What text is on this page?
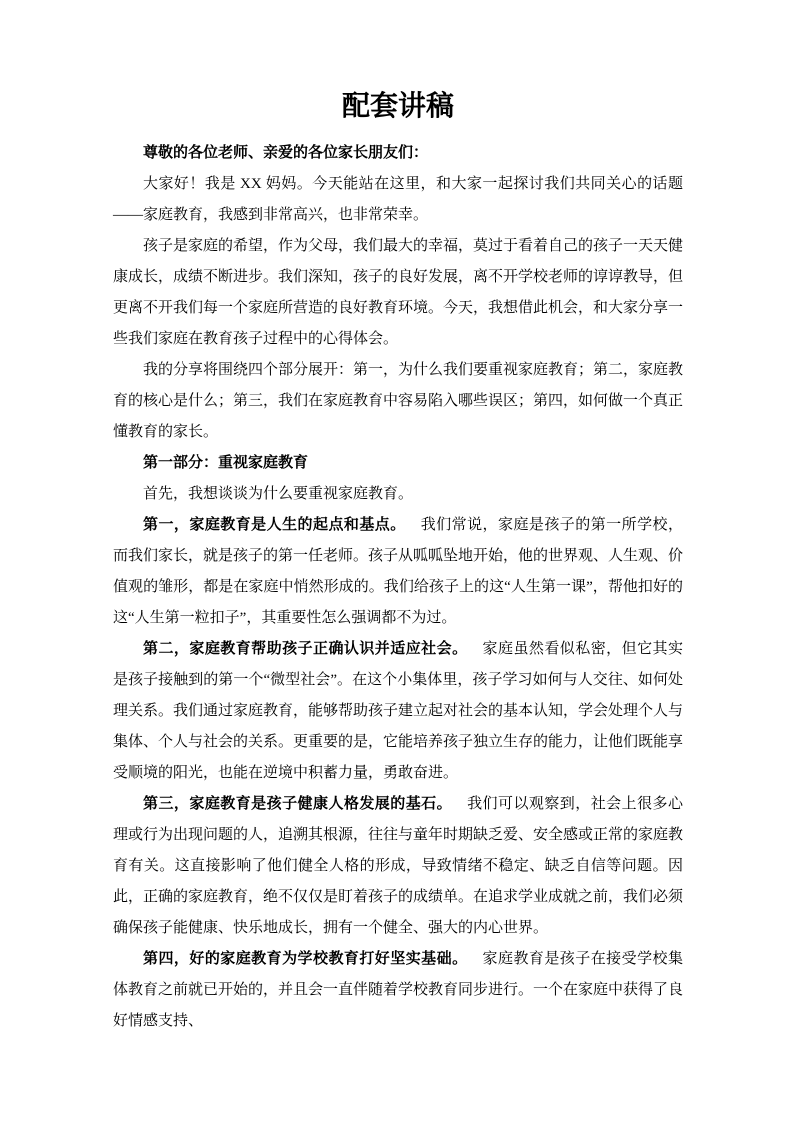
配套讲稿

尊敬的各位老师、亲爱的各位家长朋友们：

大家好！我是 XX 妈妈。今天能站在这里，和大家一起探讨我们共同关心的话题——家庭教育，我感到非常高兴，也非常荣幸。

孩子是家庭的希望，作为父母，我们最大的幸福，莫过于看着自己的孩子一天天健康成长，成绩不断进步。我们深知，孩子的良好发展，离不开学校老师的谆谆教导，但更离不开我们每一个家庭所营造的良好教育环境。今天，我想借此机会，和大家分享一些我们家庭在教育孩子过程中的心得体会。

我的分享将围绕四个部分展开：第一，为什么我们要重视家庭教育；第二，家庭教育的核心是什么；第三，我们在家庭教育中容易陷入哪些误区；第四，如何做一个真正懂教育的家长。

第一部分：重视家庭教育

首先，我想谈谈为什么要重视家庭教育。

第一，家庭教育是人生的起点和基点。 我们常说，家庭是孩子的第一所学校，而我们家长，就是孩子的第一任老师。孩子从呱呱坠地开始，他的世界观、人生观、价值观的雏形，都是在家庭中悄然形成的。我们给孩子上的这“人生第一课”，帮他扣好的这“人生第一粒扣子”，其重要性怎么强调都不为过。

第二，家庭教育帮助孩子正确认识并适应社会。 家庭虽然看似私密，但它其实是孩子接触到的第一个“微型社会”。在这个小集体里，孩子学习如何与人交往、如何处理关系。我们通过家庭教育，能够帮助孩子建立起对社会的基本认知，学会处理个人与集体、个人与社会的关系。更重要的是，它能培养孩子独立生存的能力，让他们既能享受顺境的阳光，也能在逆境中积蓄力量，勇敢奋进。

第三，家庭教育是孩子健康人格发展的基石。 我们可以观察到，社会上很多心理或行为出现问题的人，追溯其根源，往往与童年时期缺乏爱、安全感或正常的家庭教育有关。这直接影响了他们健全人格的形成，导致情绪不稳定、缺乏自信等问题。因此，正确的家庭教育，绝不仅仅是盯着孩子的成绩单。在追求学业成就之前，我们必须确保孩子能健康、快乐地成长，拥有一个健全、强大的内心世界。

第四，好的家庭教育为学校教育打好坚实基础。 家庭教育是孩子在接受学校集体教育之前就已开始的，并且会一直伴随着学校教育同步进行。一个在家庭中获得了良好情感支持、
